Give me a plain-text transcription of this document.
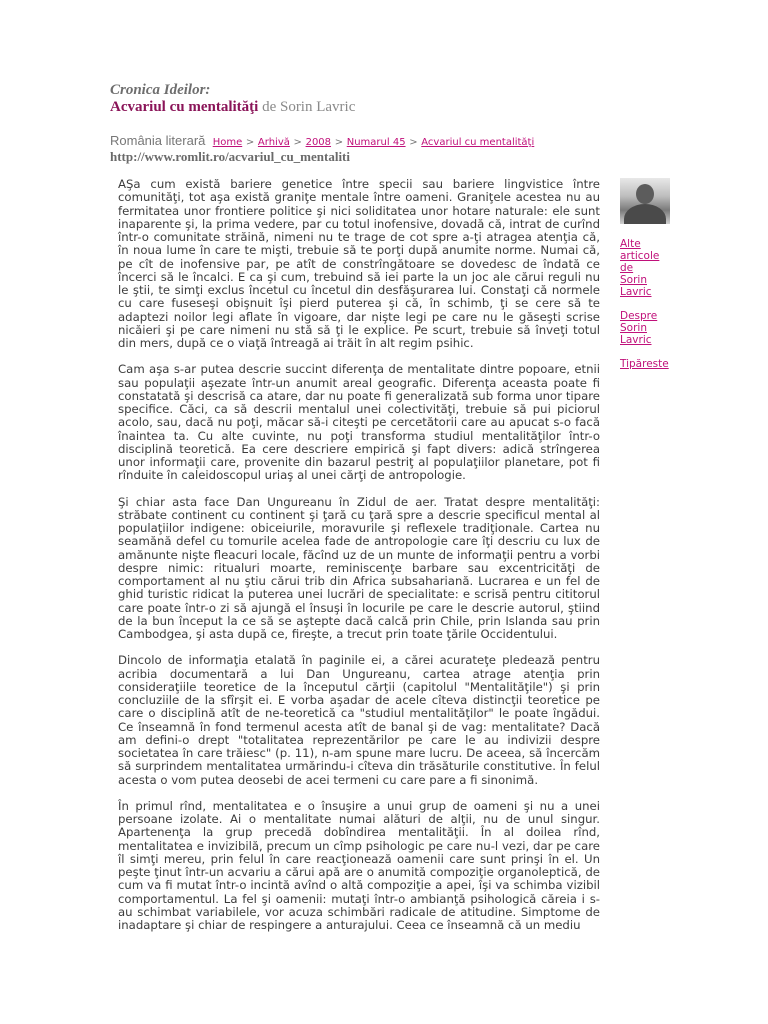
Cronica Ideilor:
Acvariul cu mentalităţi de Sorin Lavric
România literară Home > Arhivă > 2008 > Numarul 45 > Acvariul cu mentalităţi
http://www.romlit.ro/acvariul_cu_mentaliti

AŞa cum există bariere genetice între specii sau bariere lingvistice între comunităţi, tot aşa există graniţe mentale între oameni. Graniţele acestea nu au fermitatea unor frontiere politice şi nici soliditatea unor hotare naturale: ele sunt inaparente şi, la prima vedere, par cu totul inofensive, dovadă că, intrat de curînd într-o comunitate străină, nimeni nu te trage de cot spre a-ţi atragea atenţia că, în noua lume în care te mişti, trebuie să te porţi după anumite norme. Numai că, pe cît de inofensive par, pe atît de constrîngătoare se dovedesc de îndată ce încerci să le încalci. E ca şi cum, trebuind să iei parte la un joc ale cărui reguli nu le ştii, te simţi exclus încetul cu încetul din desfăşurarea lui. Constaţi că normele cu care fuseseşi obişnuit îşi pierd puterea şi că, în schimb, ţi se cere să te adaptezi noilor legi aflate în vigoare, dar nişte legi pe care nu le găseşti scrise nicăieri şi pe care nimeni nu stă să ţi le explice. Pe scurt, trebuie să înveţi totul din mers, după ce o viaţă întreagă ai trăit în alt regim psihic.

Cam aşa s-ar putea descrie succint diferenţa de mentalitate dintre popoare, etnii sau populaţii aşezate într-un anumit areal geografic. Diferenţa aceasta poate fi constatată şi descrisă ca atare, dar nu poate fi generalizată sub forma unor tipare specifice. Căci, ca să descrii mentalul unei colectivităţi, trebuie să pui piciorul acolo, sau, dacă nu poţi, măcar să-i citeşti pe cercetătorii care au apucat s-o facă înaintea ta. Cu alte cuvinte, nu poţi transforma studiul mentalităţilor într-o disciplină teoretică. Ea cere descriere empirică şi fapt divers: adică strîngerea unor informaţii care, provenite din bazarul pestriţ al populaţiilor planetare, pot fi rînduite în caleidoscopul uriaş al unei cărţi de antropologie.

Şi chiar asta face Dan Ungureanu în Zidul de aer. Tratat despre mentalităţi: străbate continent cu continent şi ţară cu ţară spre a descrie specificul mental al populaţiilor indigene: obiceiurile, moravurile şi reflexele tradiţionale. Cartea nu seamănă defel cu tomurile acelea fade de antropologie care îţi descriu cu lux de amănunte nişte fleacuri locale, făcînd uz de un munte de informaţii pentru a vorbi despre nimic: ritualuri moarte, reminiscenţe barbare sau excentricităţi de comportament al nu ştiu cărui trib din Africa subsahariană. Lucrarea e un fel de ghid turistic ridicat la puterea unei lucrări de specialitate: e scrisă pentru cititorul care poate într-o zi să ajungă el însuşi în locurile pe care le descrie autorul, ştiind de la bun început la ce să se aştepte dacă calcă prin Chile, prin Islanda sau prin Cambodgea, şi asta după ce, fireşte, a trecut prin toate ţările Occidentului.

Dincolo de informaţia etalată în paginile ei, a cărei acurateţe pledează pentru acribia documentară a lui Dan Ungureanu, cartea atrage atenţia prin consideraţiile teoretice de la începutul cărţii (capitolul "Mentalităţile") şi prin concluziile de la sfîrşit ei. E vorba aşadar de acele cîteva distincţii teoretice pe care o disciplină atît de ne-teoretică ca "studiul mentalităţilor" le poate îngădui. Ce înseamnă în fond termenul acesta atît de banal şi de vag: mentalitate? Dacă am defini-o drept "totalitatea reprezentărilor pe care le au indivizii despre societatea în care trăiesc" (p. 11), n-am spune mare lucru. De aceea, să încercăm să surprindem mentalitatea urmărindu-i cîteva din trăsăturile constitutive. În felul acesta o vom putea deosebi de acei termeni cu care pare a fi sinonimă.

În primul rînd, mentalitatea e o însuşire a unui grup de oameni şi nu a unei persoane izolate. Ai o mentalitate numai alături de alţii, nu de unul singur. Apartenenţa la grup precedă dobîndirea mentalităţii. În al doilea rînd, mentalitatea e invizibilă, precum un cîmp psihologic pe care nu-l vezi, dar pe care îl simţi mereu, prin felul în care reacţionează oamenii care sunt prinşi în el. Un peşte ţinut într-un acvariu a cărui apă are o anumită compoziţie organoleptică, de cum va fi mutat într-o incintă avînd o altă compoziţie a apei, îşi va schimba vizibil comportamentul. La fel şi oamenii: mutaţi într-o ambianţă psihologică căreia i s-au schimbat variabilele, vor acuza schimbări radicale de atitudine. Simptome de inadaptare şi chiar de respingere a anturajului. Ceea ce înseamnă că un mediu

Alte
articole
de
Sorin
Lavric
Despre
Sorin
Lavric
Tipăreste
